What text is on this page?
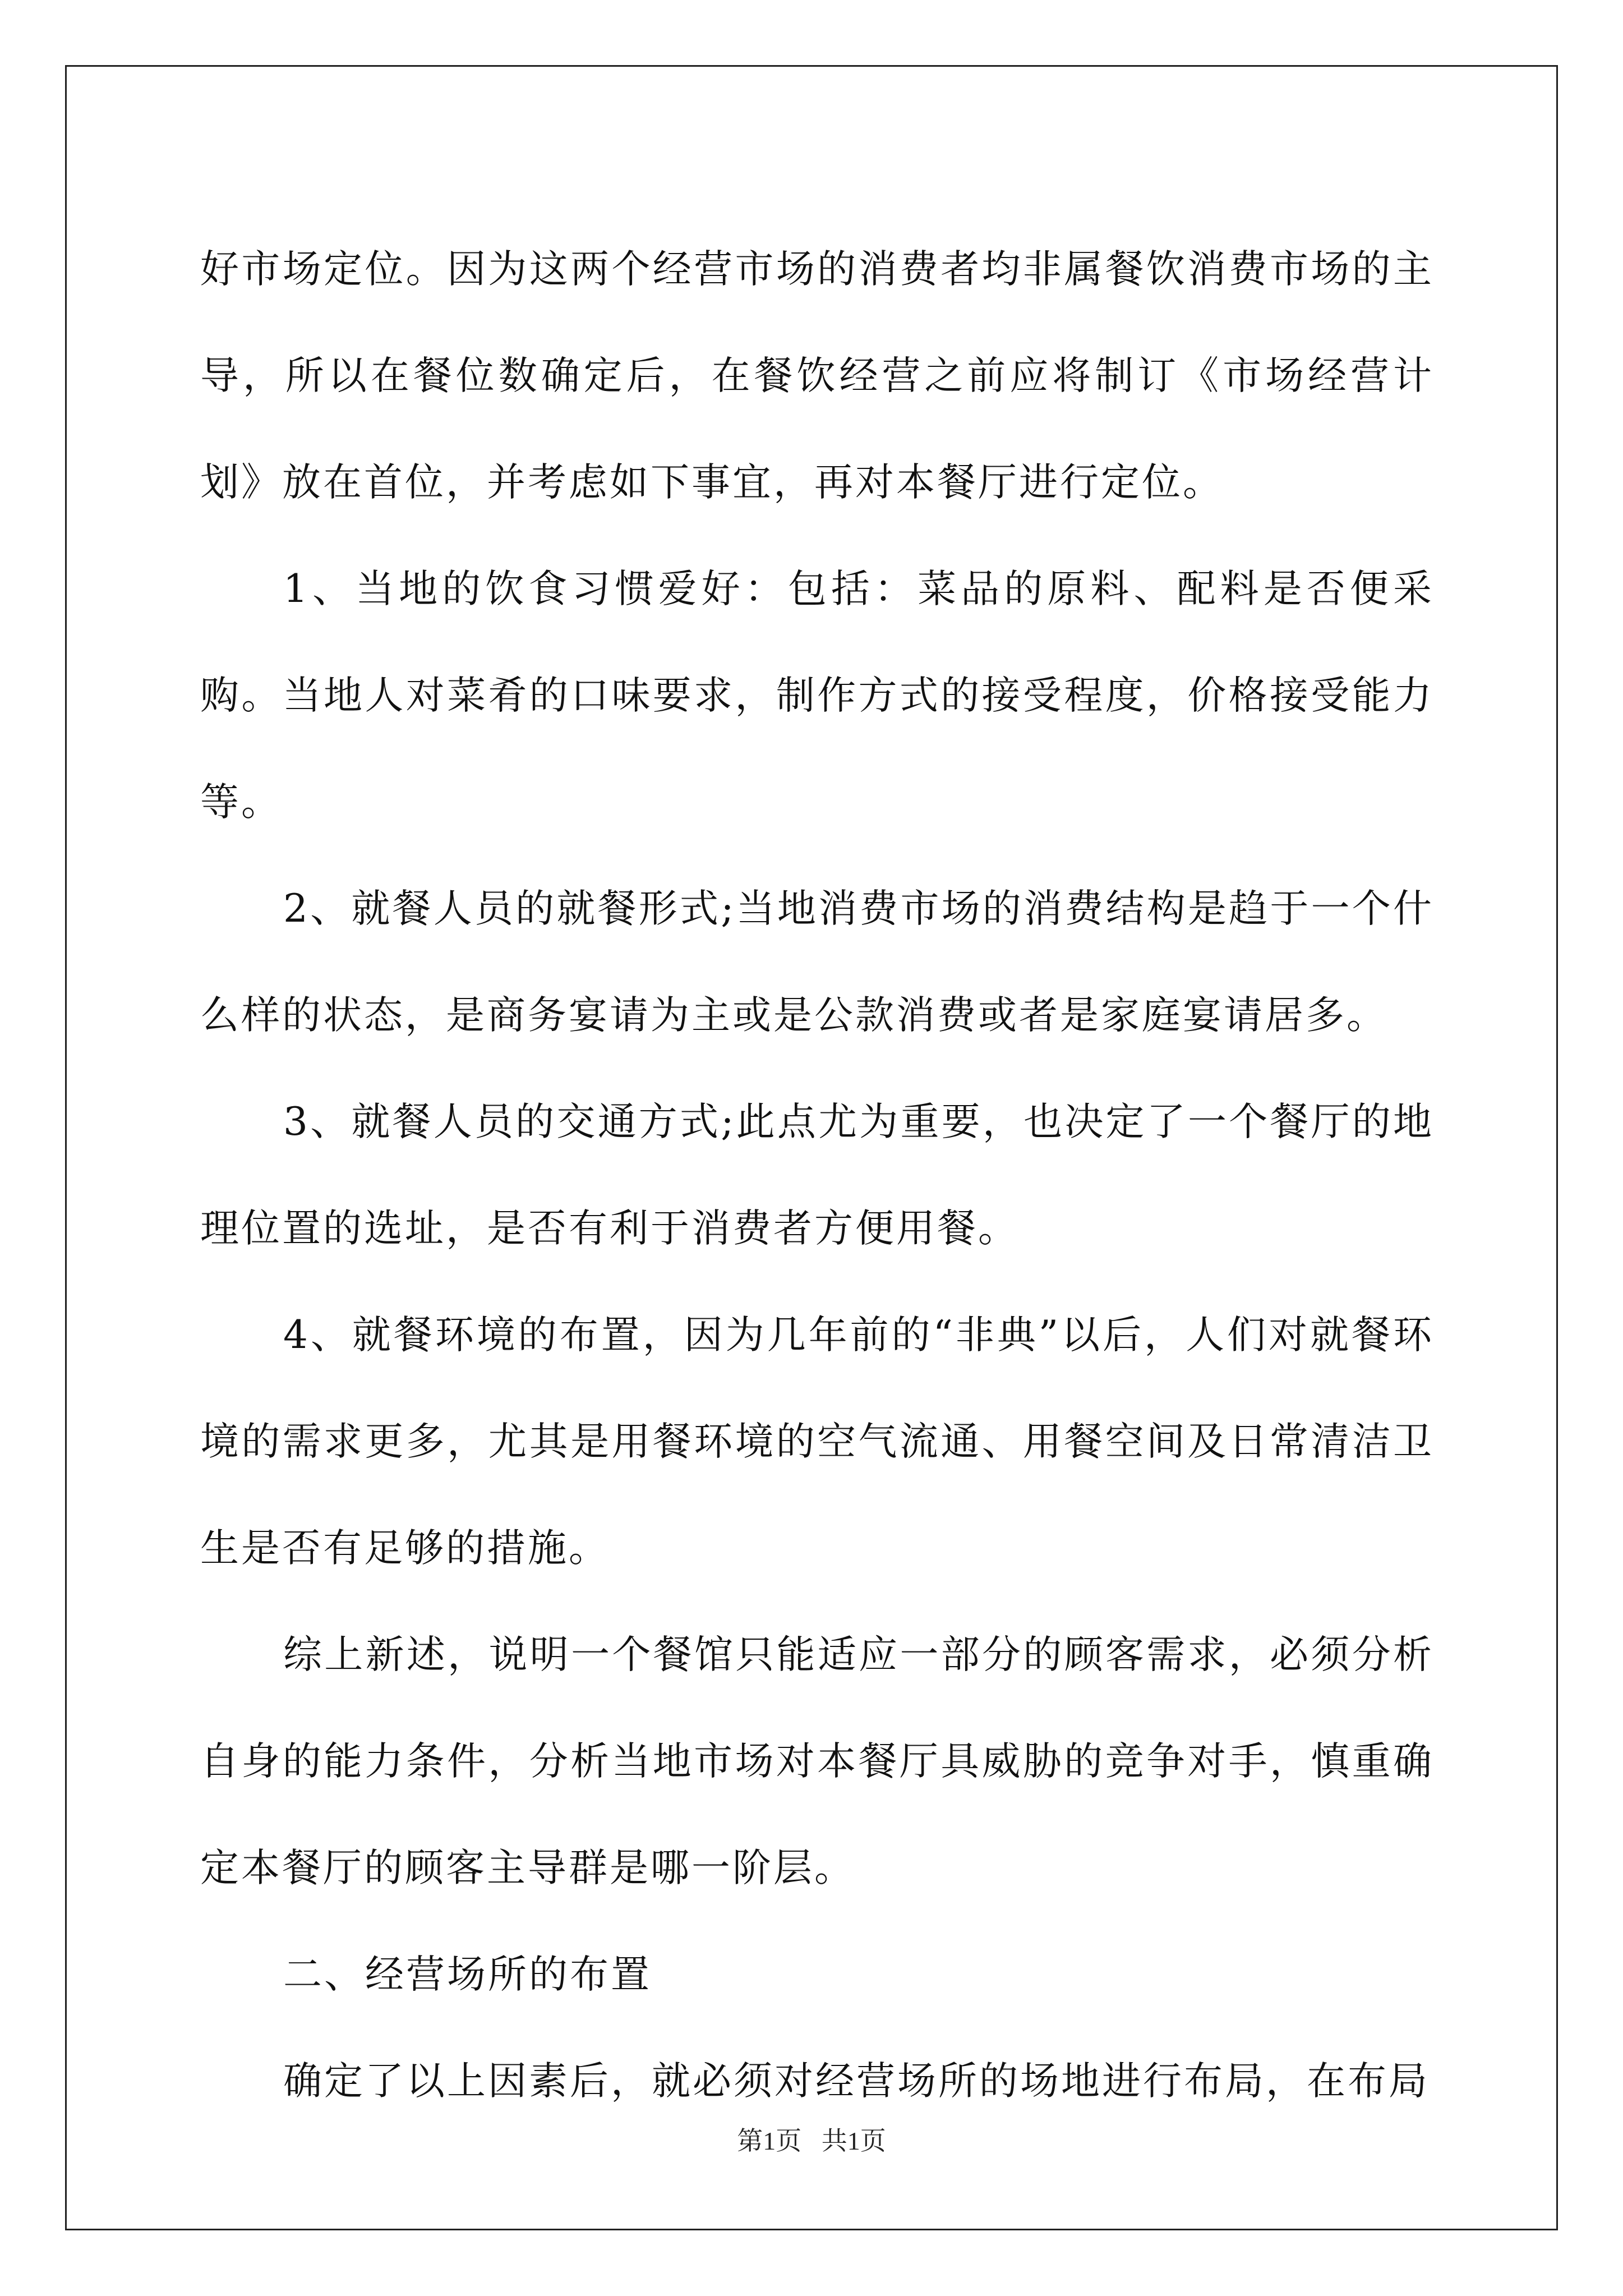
好市场定位。因为这两个经营市场的消费者均非属餐饮消费市场的主导，所以在餐位数确定后，在餐饮经营之前应将制订《市场经营计划》放在首位，并考虑如下事宜，再对本餐厅进行定位。

1、当地的饮食习惯爱好：包括：菜品的原料、配料是否便采购。当地人对菜肴的口味要求，制作方式的接受程度，价格接受能力等。

2、就餐人员的就餐形式;当地消费市场的消费结构是趋于一个什么样的状态，是商务宴请为主或是公款消费或者是家庭宴请居多。

3、就餐人员的交通方式;此点尤为重要，也决定了一个餐厅的地理位置的选址，是否有利于消费者方便用餐。

4、就餐环境的布置，因为几年前的“非典”以后，人们对就餐环境的需求更多，尤其是用餐环境的空气流通、用餐空间及日常清洁卫生是否有足够的措施。

综上新述，说明一个餐馆只能适应一部分的顾客需求，必须分析自身的能力条件，分析当地市场对本餐厅具威胁的竞争对手，慎重确定本餐厅的顾客主导群是哪一阶层。

二、经营场所的布置

确定了以上因素后，就必须对经营场所的场地进行布局，在布局

第1页 共1页
